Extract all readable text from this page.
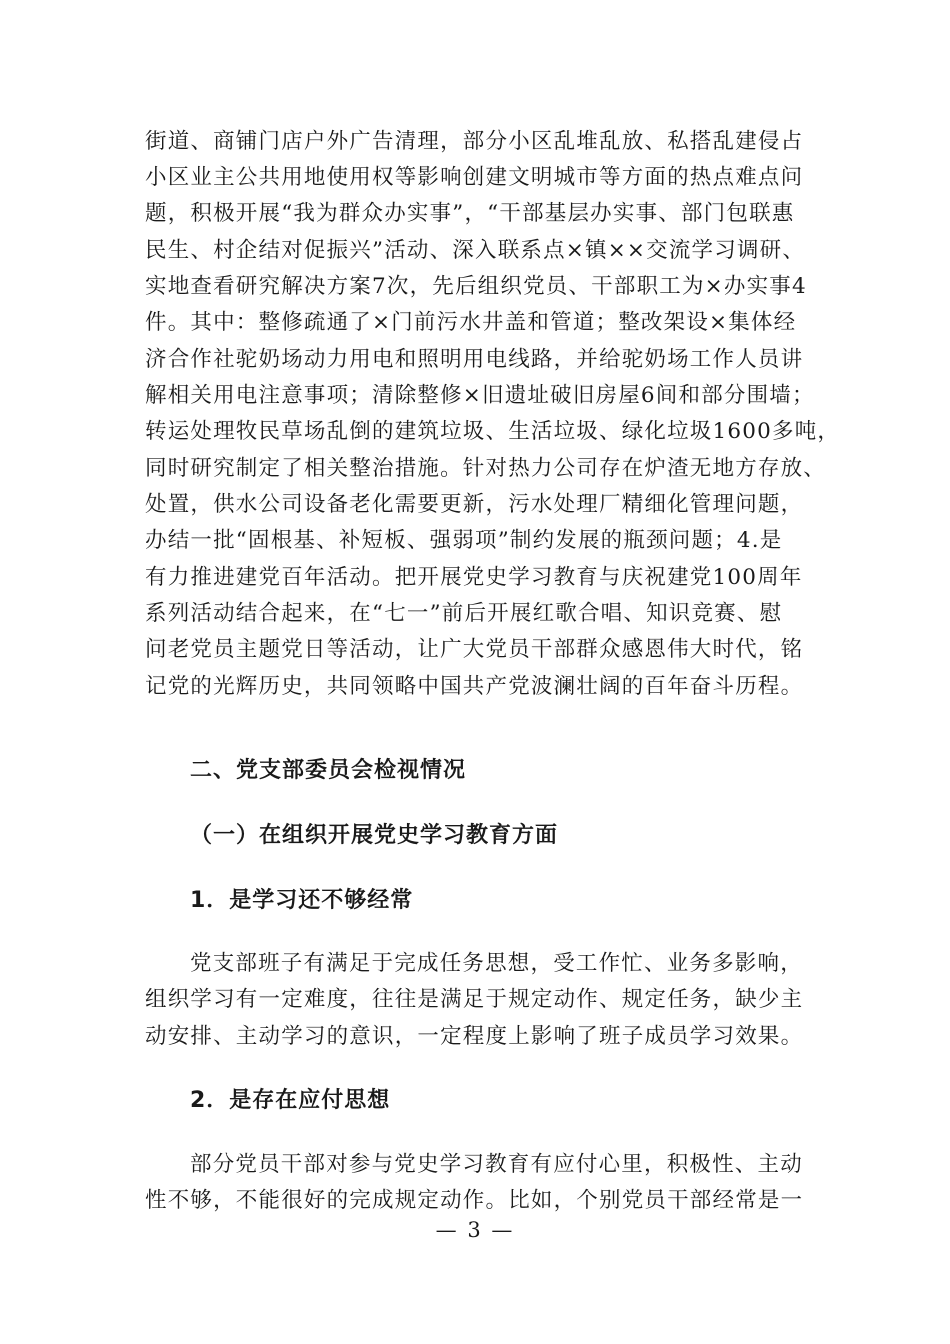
街道、商铺门店户外广告清理，部分小区乱堆乱放、私搭乱建侵占
小区业主公共用地使用权等影响创建文明城市等方面的热点难点问
题，积极开展“我为群众办实事”，“干部基层办实事、部门包联惠
民生、村企结对促振兴”活动、深入联系点×镇××交流学习调研、
实地查看研究解决方案7次，先后组织党员、干部职工为×办实事4
件。其中：整修疏通了×门前污水井盖和管道；整改架设×集体经
济合作社驼奶场动力用电和照明用电线路，并给驼奶场工作人员讲
解相关用电注意事项；清除整修×旧遗址破旧房屋6间和部分围墙；
转运处理牧民草场乱倒的建筑垃圾、生活垃圾、绿化垃圾1600多吨，
同时研究制定了相关整治措施。针对热力公司存在炉渣无地方存放、
处置，供水公司设备老化需要更新，污水处理厂精细化管理问题，
办结一批“固根基、补短板、强弱项”制约发展的瓶颈问题；4.是
有力推进建党百年活动。把开展党史学习教育与庆祝建党100周年
系列活动结合起来，在“七一”前后开展红歌合唱、知识竞赛、慰
问老党员主题党日等活动，让广大党员干部群众感恩伟大时代，铭
记党的光辉历史，共同领略中国共产党波澜壮阔的百年奋斗历程。
二、党支部委员会检视情况
（一）在组织开展党史学习教育方面
1．是学习还不够经常
党支部班子有满足于完成任务思想，受工作忙、业务多影响，
组织学习有一定难度，往往是满足于规定动作、规定任务，缺少主
动安排、主动学习的意识，一定程度上影响了班子成员学习效果。
2．是存在应付思想
部分党员干部对参与党史学习教育有应付心里，积极性、主动
性不够，不能很好的完成规定动作。比如，个别党员干部经常是一
— 3 —
